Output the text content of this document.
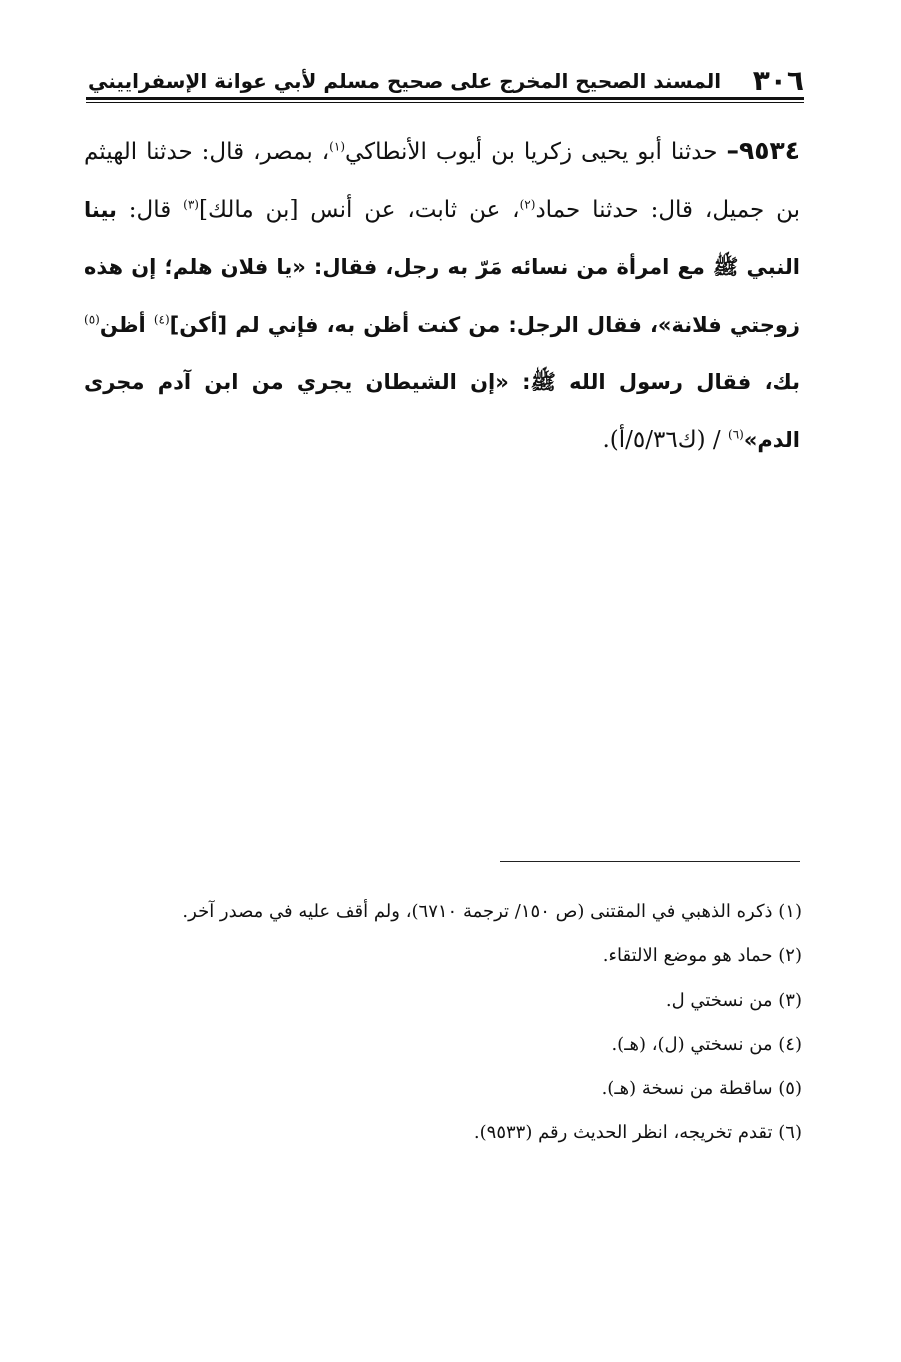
٣٠٦
المسند الصحيح المخرج على صحيح مسلم لأبي عوانة الإسفراييني
٩٥٣٤– حدثنا أبو يحيى زكريا بن أيوب الأنطاكي$^{(١)}$، بمصر، قال: حدثنا الهيثم بن جميل، قال: حدثنا حماد$^{(٢)}$، عن ثابت، عن أنس [بن مالك]$^{(٣)}$ قال: بينا النبي ﷺ مع امرأة من نسائه مَرّ به رجل، فقال: «يا فلان هلم؛ إن هذه زوجتي فلانة»، فقال الرجل: من كنت أظن به، فإني لم [أكن]$^{(٤)}$ أظن$^{(٥)}$ بك، فقال رسول الله ﷺ: «إن الشيطان يجري من ابن آدم مجرى الدم»$^{(٦)}$ / (ك٥/٣٦/أ).
(١) ذكره الذهبي في المقتنى (ص ١٥٠/ ترجمة ٦٧١٠)، ولم أقف عليه في مصدر آخر.
(٢) حماد هو موضع الالتقاء.
(٣) من نسختي ل.
(٤) من نسختي (ل)، (هـ).
(٥) ساقطة من نسخة (هـ).
(٦) تقدم تخريجه، انظر الحديث رقم (٩٥٣٣).
